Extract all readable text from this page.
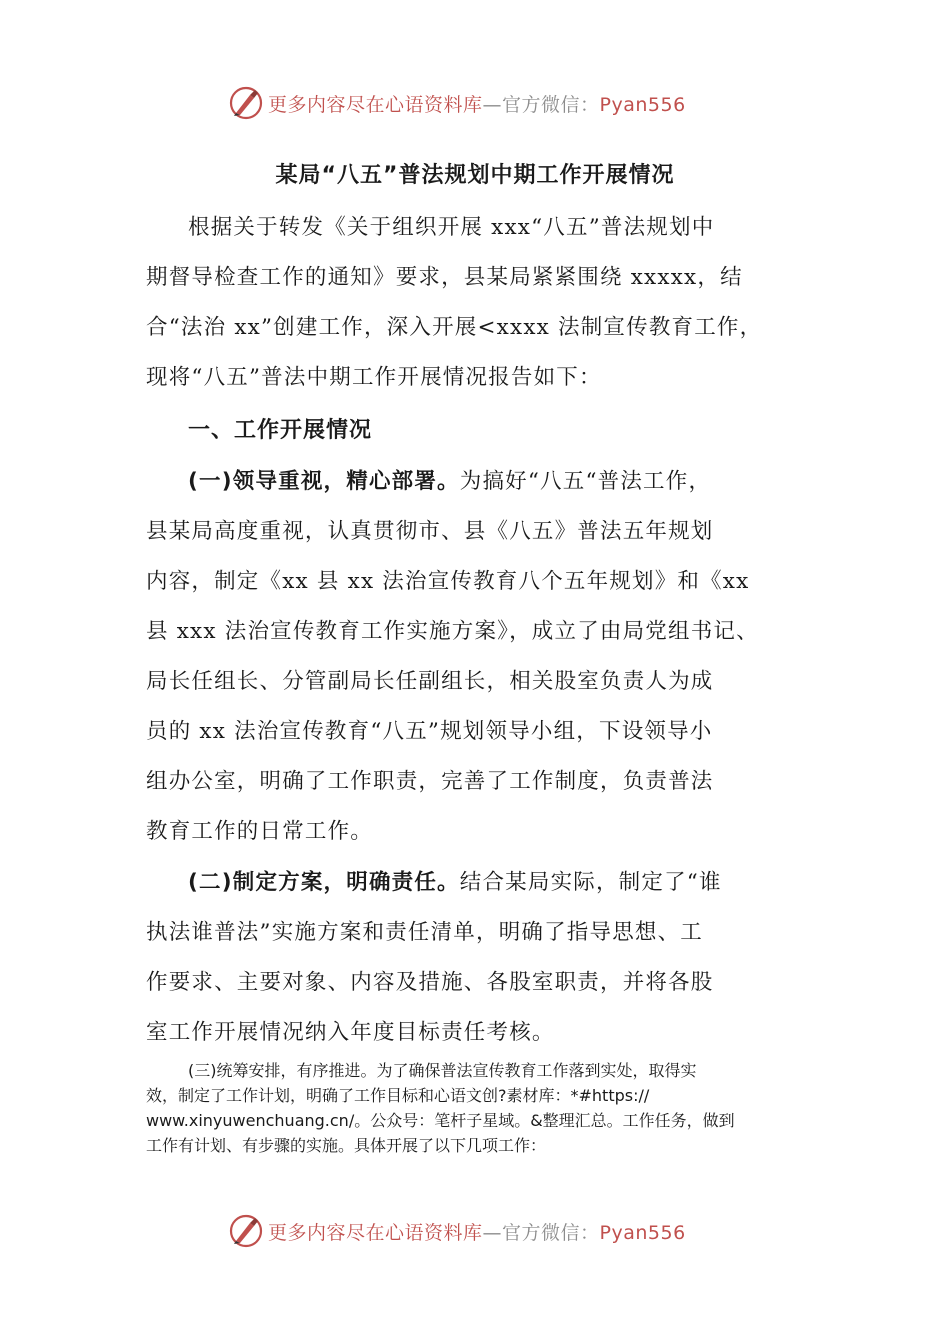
更多内容尽在心语资料库—官方微信：Pyan556
某局“八五”普法规划中期工作开展情况
根据关于转发《关于组织开展 xxx“八五”普法规划中
期督导检查工作的通知》要求，县某局紧紧围绕 xxxxx，结
合“法治 xx”创建工作，深入开展<xxxx 法制宣传教育工作，
现将“八五”普法中期工作开展情况报告如下：
一、工作开展情况
(一)领导重视，精心部署。为搞好“八五“普法工作，
县某局高度重视，认真贯彻市、县《八五》普法五年规划
内容，制定《xx 县 xx 法治宣传教育八个五年规划》和《xx
县 xxx 法治宣传教育工作实施方案》，成立了由局党组书记、
局长任组长、分管副局长任副组长，相关股室负责人为成
员的 xx 法治宣传教育“八五”规划领导小组，下设领导小
组办公室，明确了工作职责，完善了工作制度，负责普法
教育工作的日常工作。
(二)制定方案，明确责任。结合某局实际，制定了“谁
执法谁普法”实施方案和责任清单，明确了指导思想、工
作要求、主要对象、内容及措施、各股室职责，并将各股
室工作开展情况纳入年度目标责任考核。
(三)统筹安排，有序推进。为了确保普法宣传教育工作落到实处，取得实
效，制定了工作计划，明确了工作目标和心语文创?素材库：*#https://
www.xinyuwenchuang.cn/。公众号：笔杆子星域。&整理汇总。工作任务，做到
工作有计划、有步骤的实施。具体开展了以下几项工作：
更多内容尽在心语资料库—官方微信：Pyan556
